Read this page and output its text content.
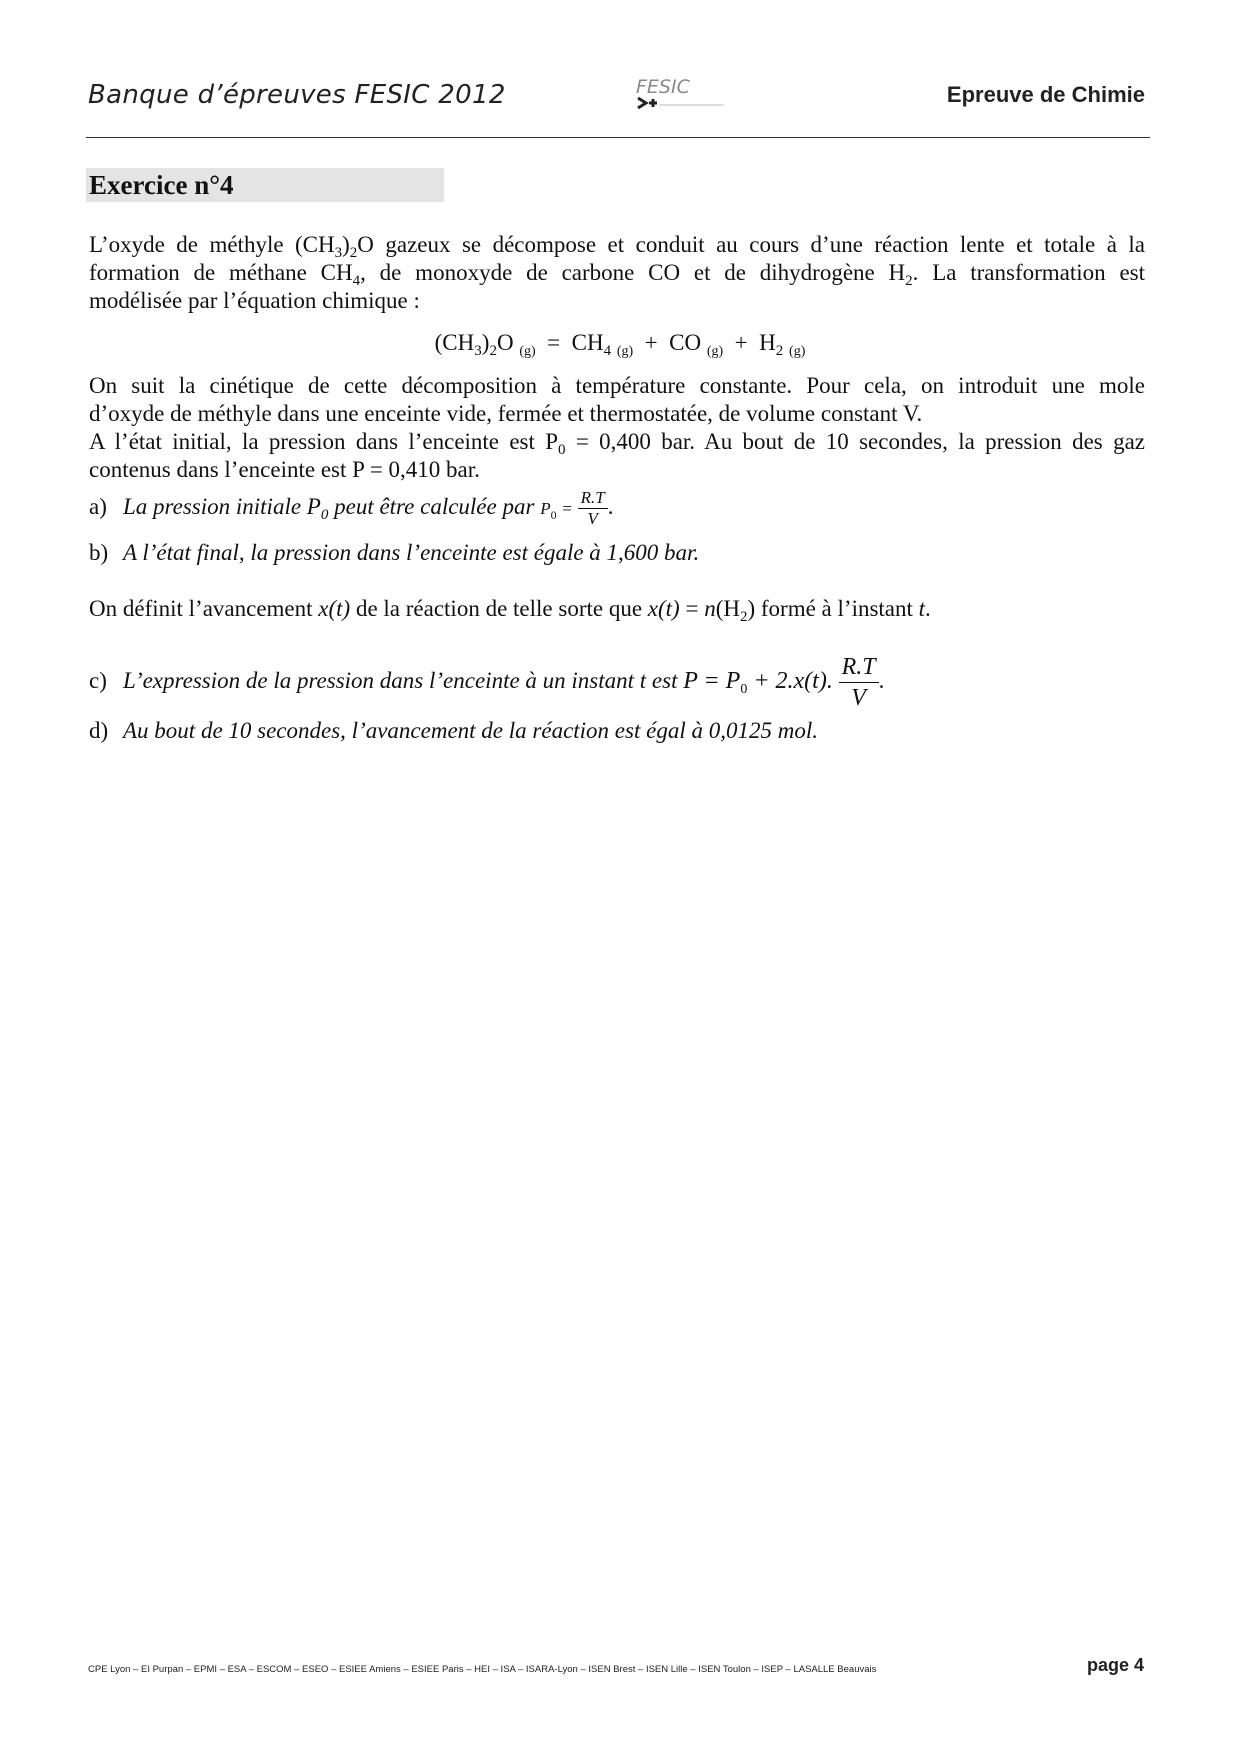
Banque d’épreuves FESIC 2012	FESIC	Epreuve de Chimie
Exercice n°4
L’oxyde de méthyle $(CH_3)_2O$ gazeux se décompose et conduit au cours d’une réaction lente et totale à la
formation de méthane $CH_4$, de monoxyde de carbone CO et de dihydrogène $H_2$. La transformation est
modélisée par l’équation chimique :
$(CH_3)_2O$ $_{(g)} = CH_4$ $_{(g)}$ + CO $_{(g)} + H_2$ $_{(g)}$
On suit la cinétique de cette décomposition à température constante. Pour cela, on introduit une mole
d’oxyde de méthyle dans une enceinte vide, fermée et thermostatée, de volume constant V.
A l’état initial, la pression dans l’enceinte est $P_0 = 0,400$ bar. Au bout de 10 secondes, la pression des gaz
contenus dans l’enceinte est P = 0,410 bar.
a) La pression initiale $P_0$ peut être calculée par $P_0 = \frac{R.T}{V}$ .
b) A l’état final, la pression dans l’enceinte est égale à 1,600 bar.
On définit l’avancement x(t) de la réaction de telle sorte que $x(t) = n(H_2)$ formé à l’instant t.
c) L’expression de la pression dans l’enceinte à un instant t est $P = P_0 + 2.x(t)$. $\frac{R.T}{V}$ .
d) Au bout de 10 secondes, l’avancement de la réaction est égal à 0,0125 mol.
CPE Lyon – EI Purpan – EPMI – ESA – ESCOM – ESEO – ESIEE Amiens – ESIEE Paris – HEI – ISA – ISARA-Lyon – ISEN Brest – ISEN Lille – ISEN Toulon – ISEP – LASALLE Beauvais	page 4
